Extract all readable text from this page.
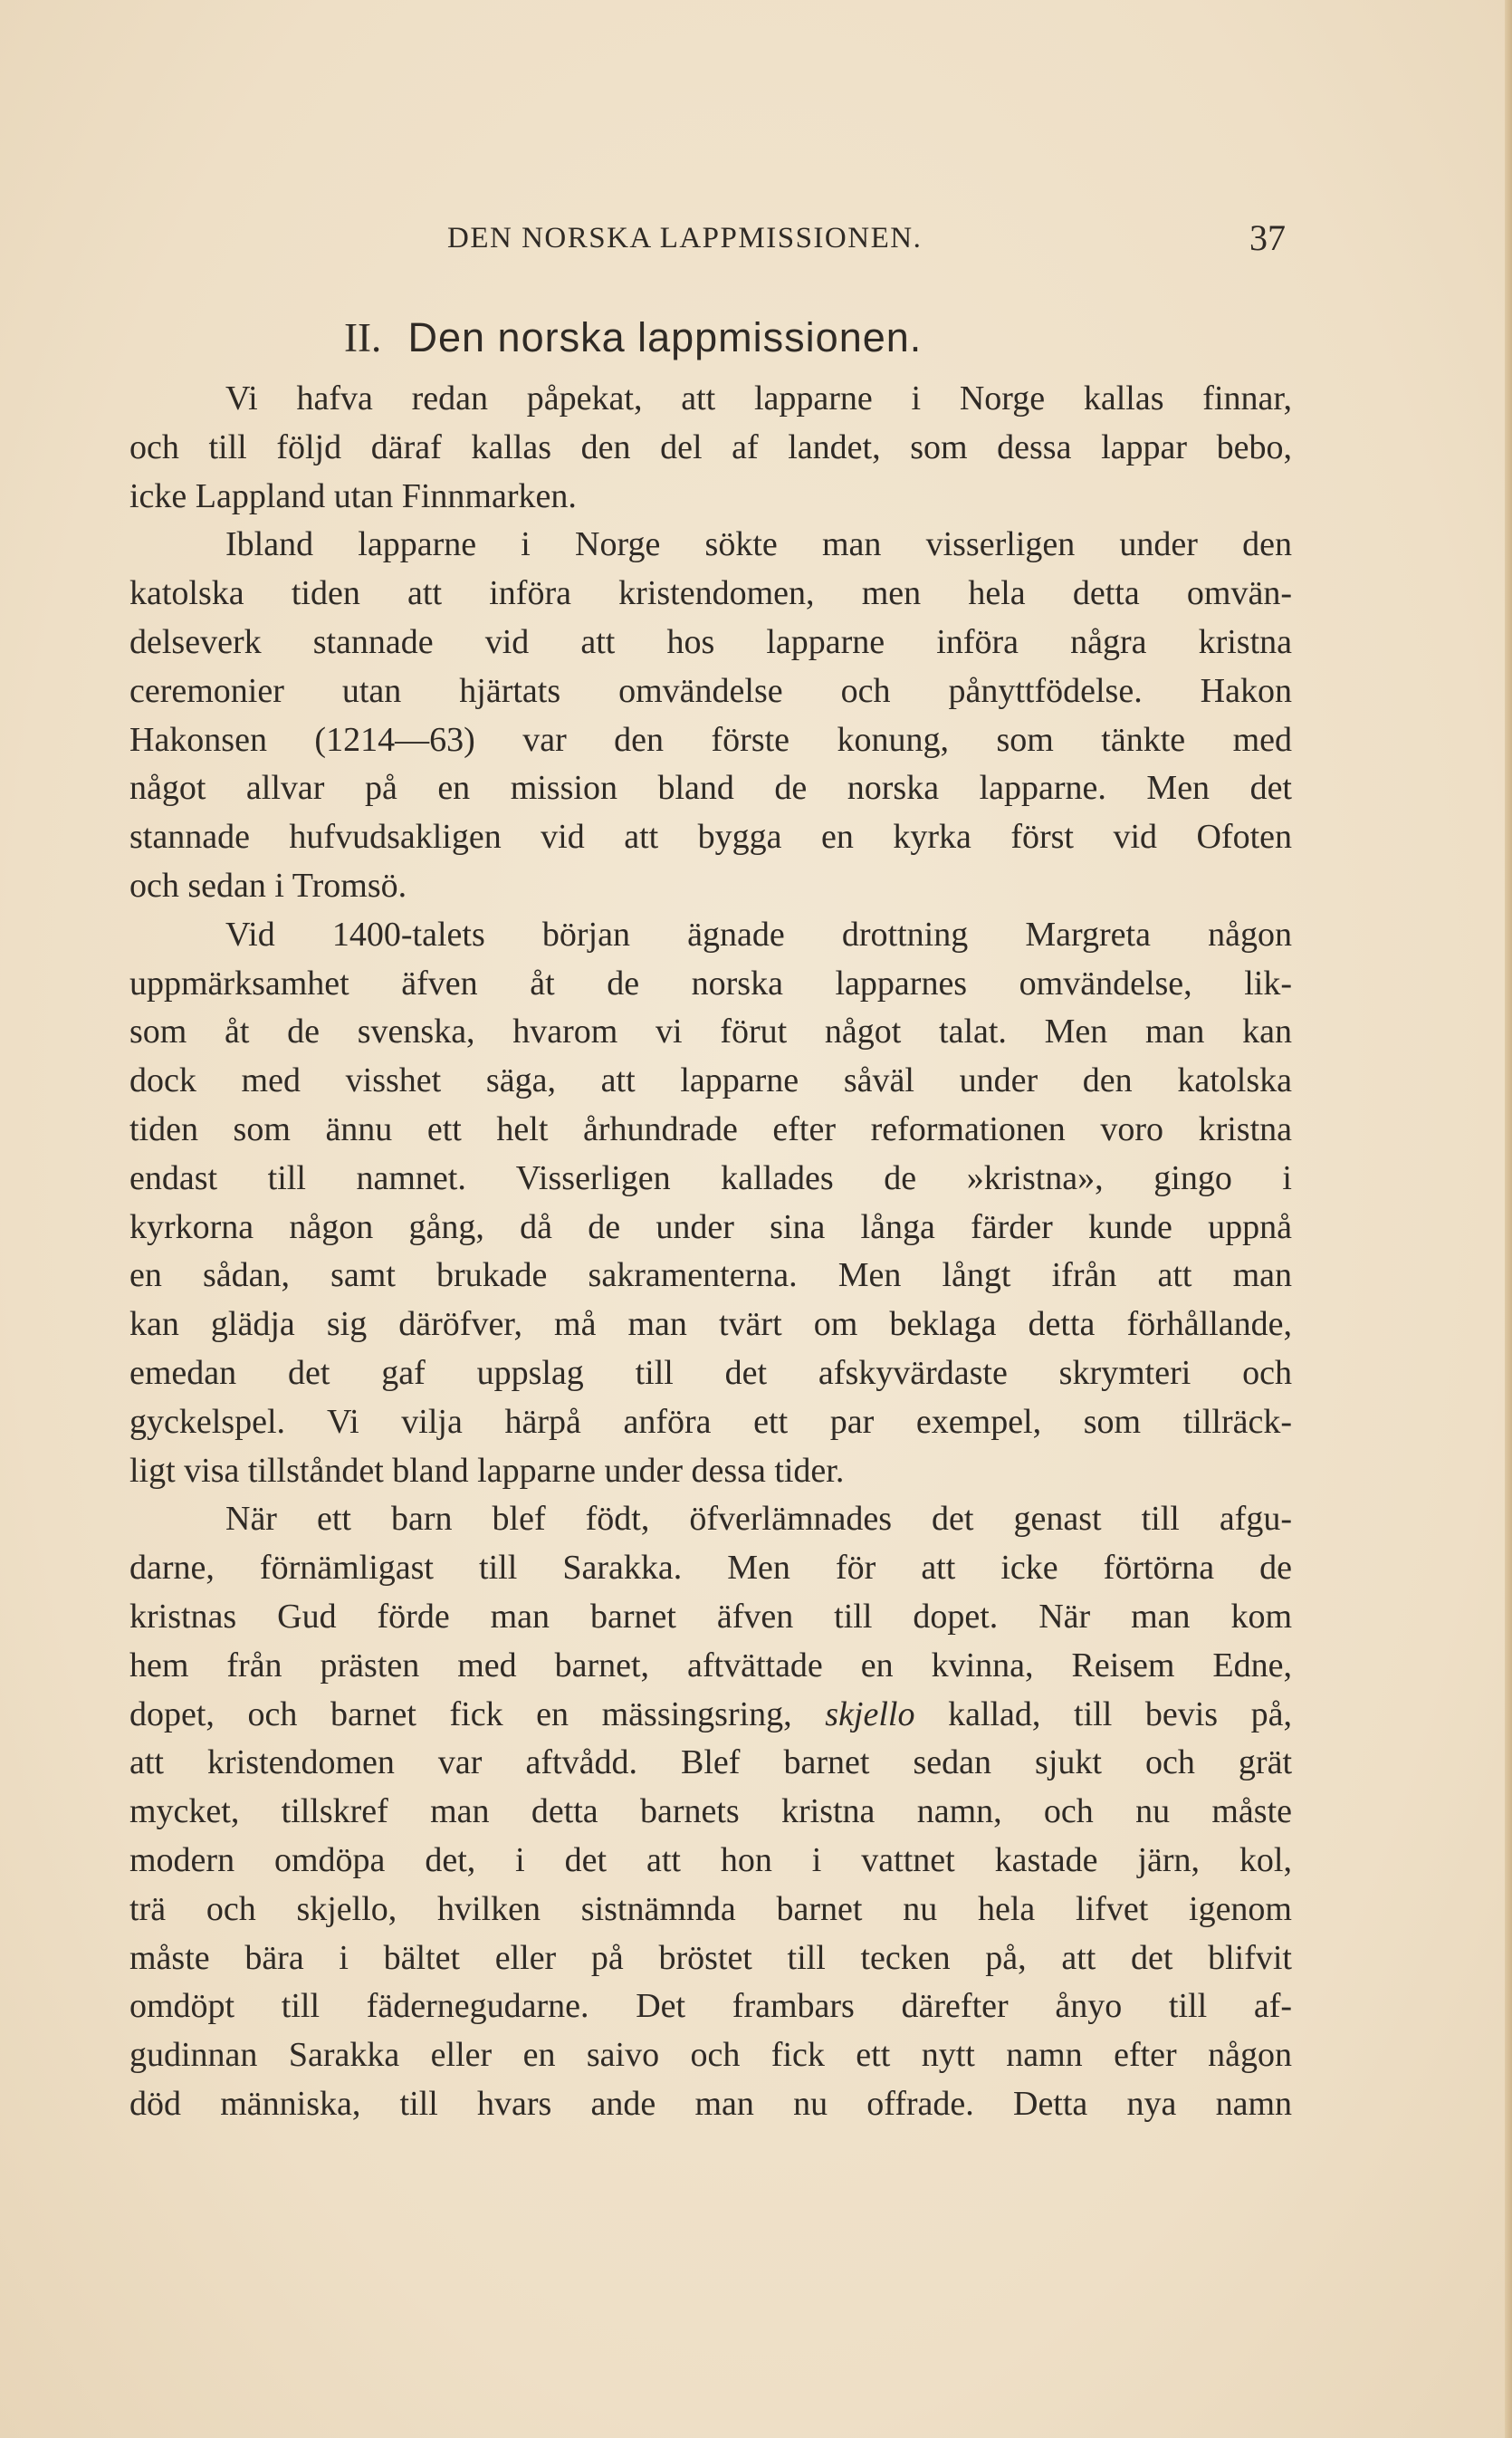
DEN NORSKA LAPPMISSIONEN.	37
II. Den norska lappmissionen.
Vi hafva redan påpekat, att lapparne i Norge kallas finnar,
och till följd däraf kallas den del af landet, som dessa lappar bebo,
icke Lappland utan Finnmarken.
Ibland lapparne i Norge sökte man visserligen under den
katolska tiden att införa kristendomen, men hela detta omvän-
delseverk stannade vid att hos lapparne införa några kristna
ceremonier utan hjärtats omvändelse och pånyttfödelse. Hakon
Hakonsen (1214—63) var den förste konung, som tänkte med
något allvar på en mission bland de norska lapparne. Men det
stannade hufvudsakligen vid att bygga en kyrka först vid Ofoten
och sedan i Tromsö.
Vid 1400-talets början ägnade drottning Margreta någon
uppmärksamhet äfven åt de norska lapparnes omvändelse, lik-
som åt de svenska, hvarom vi förut något talat. Men man kan
dock med visshet säga, att lapparne såväl under den katolska
tiden som ännu ett helt århundrade efter reformationen voro kristna
endast till namnet. Visserligen kallades de »kristna», gingo i
kyrkorna någon gång, då de under sina långa färder kunde uppnå
en sådan, samt brukade sakramenterna. Men långt ifrån att man
kan glädja sig däröfver, må man tvärt om beklaga detta förhållande,
emedan det gaf uppslag till det afskyvärdaste skrymteri och
gyckelspel. Vi vilja härpå anföra ett par exempel, som tillräck-
ligt visa tillståndet bland lapparne under dessa tider.
När ett barn blef födt, öfverlämnades det genast till afgu-
darne, förnämligast till Sarakka. Men för att icke förtörna de
kristnas Gud förde man barnet äfven till dopet. När man kom
hem från prästen med barnet, aftvättade en kvinna, Reisem Edne,
dopet, och barnet fick en mässingsring, skjello kallad, till bevis på,
att kristendomen var aftvådd. Blef barnet sedan sjukt och grät
mycket, tillskref man detta barnets kristna namn, och nu måste
modern omdöpa det, i det att hon i vattnet kastade järn, kol,
trä och skjello, hvilken sistnämnda barnet nu hela lifvet igenom
måste bära i bältet eller på bröstet till tecken på, att det blifvit
omdöpt till fädernegudarne. Det frambars därefter ånyo till af-
gudinnan Sarakka eller en saivo och fick ett nytt namn efter någon
död människa, till hvars ande man nu offrade. Detta nya namn
